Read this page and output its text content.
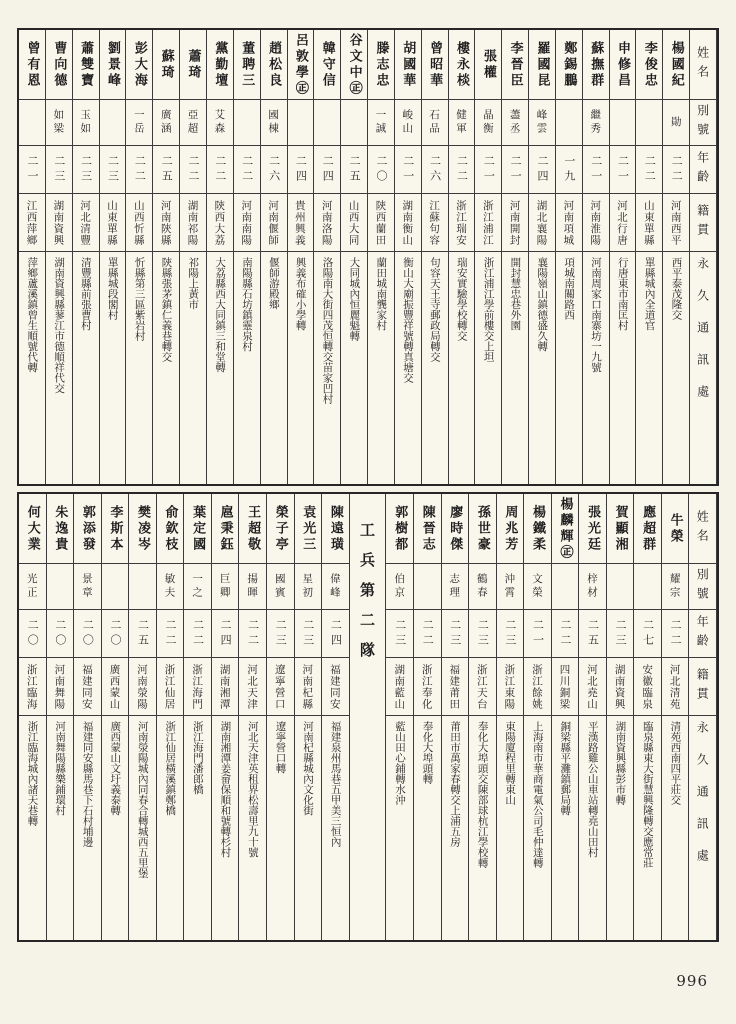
姓名
別號
年齡
籍貫
永久通訊處
楊國紀
勛
二二
河南西平
西平泰茂隆交
李俊忠
二二
山東單縣
單縣城內全道官
申修昌
二一
河北行唐
行唐東市南匡村
蘇撫群
繼秀
二一
河南淮陽
河南周家口南寨坊一九號
鄭錫鵬
一九
河南項城
項城南關路西
羅國昆
峰雲
二四
湖北襄陽
襄陽嶺山鎮德盛久轉
李晉臣
藎丞
二一
河南開封
開封慧忠巷外園
張權
晶衡
二一
浙江浦江
浙江浦江學前樓交上坦
樓永棪
健軍
二二
浙江瑞安
瑞安實驗學校轉交
曾昭華
石品
二六
江蘇句容
句容天王寺郵政局轉交
胡國華
峻山
二一
湖南衡山
衡山大廟振豐祥號轉真塘交
滕志忠
一誠
二〇
陝西蘭田
蘭田城南龔家村
谷文中㊣
二五
山西大同
大同城內恒麗魁轉
韓守信
二四
河南洛陽
洛陽南大街四茂恒轉交苗家凹村
呂敦學㊣
二四
貴州興義
興義布確小學轉
趙松良
國棟
二六
河南偃師
偃師游殿鄉
董聘三
二二
河南南陽
南陽縣石坊鎮靈泉村
黨勤壇
艾森
二二
陝西大荔
大荔縣西大同鎮三和堂轉
蕭琦
亞超
二二
湖南祁陽
祁陽上黃市
蘇琦
廣涵
二五
河南陝縣
陝縣張茅鎮仁義巷轉交
彭大海
一岳
二二
山西忻縣
忻縣第三區紫岩村
劉景峰
二三
山東單縣
單縣城段閣村
蕭雙寶
玉如
二三
河北清豐
清豐縣前張曹村
曹向德
如梁
二三
湖南資興
湖南資興縣蓼江市德順祥代交
曾有恩
二一
江西萍鄉
萍鄉蘆溪鎮曾生順號代轉
姓名
別號
年齡
籍貫
永久通訊處
牛榮
耀宗
二二
河北清苑
清苑西南四平莊交
應超群
二七
安徽臨泉
臨泉縣東大街慧興隆轉交應常莊
賀顯湘
二三
湖南資興
湖南資興縣彭市轉
張光廷
梓材
二五
河北堯山
平漢路雞公山車站轉堯山田村
楊麟輝㊣
二二
四川銅梁
銅梁縣平灘鎮郵局轉
楊鐵柔
文榮
二一
浙江餘姚
上海南市華商電氣公司毛仲達轉
周兆芳
沖霄
二三
浙江東陽
東陽廈程里轉東山
孫世豪
鶴春
二三
浙江天台
奉化大埠頭交陳部球杭江學校轉
廖時傑
志理
二三
福建莆田
莆田市萬家春轉交上浦五房
陳晉志
二二
浙江奉化
奉化大埠頭轉
郭樹都
伯京
二三
湖南藍山
藍山田心鋪轉水沖
工兵第二隊
陳遠璜
偉峰
二四
福建同安
福建泉州馬巷五甲美三恒內
袁光三
星初
二三
河南杞縣
河南杞縣城內文化街
榮子亭
國賓
二三
遼寧營口
遼寧營口轉
王超敬
揚暉
二二
河北天津
河北天津英租界松壽里九十號
扈秉鈺
巨卿
二四
湖南湘潭
湖南湘潭姜畲保順和號轉杉村
葉定國
一之
二二
浙江海門
浙江海門潘郎橋
俞欽枝
敏夫
二二
浙江仙居
浙江仙居橫溪鎮鄭橋
樊凌岑
二五
河南滎陽
河南滎陽城內同春合轉城西五里堡
李斯本
二〇
廣西蒙山
廣西蒙山文圩義泰轉
郭添發
景章
二〇
福建同安
福建同安縣馬巷下石村埔邊
朱逸貴
二〇
河南舞陽
河南舞陽縣樂鋪環村
何大業
光正
二〇
浙江臨海
浙江臨海城內諸天巷轉
996
